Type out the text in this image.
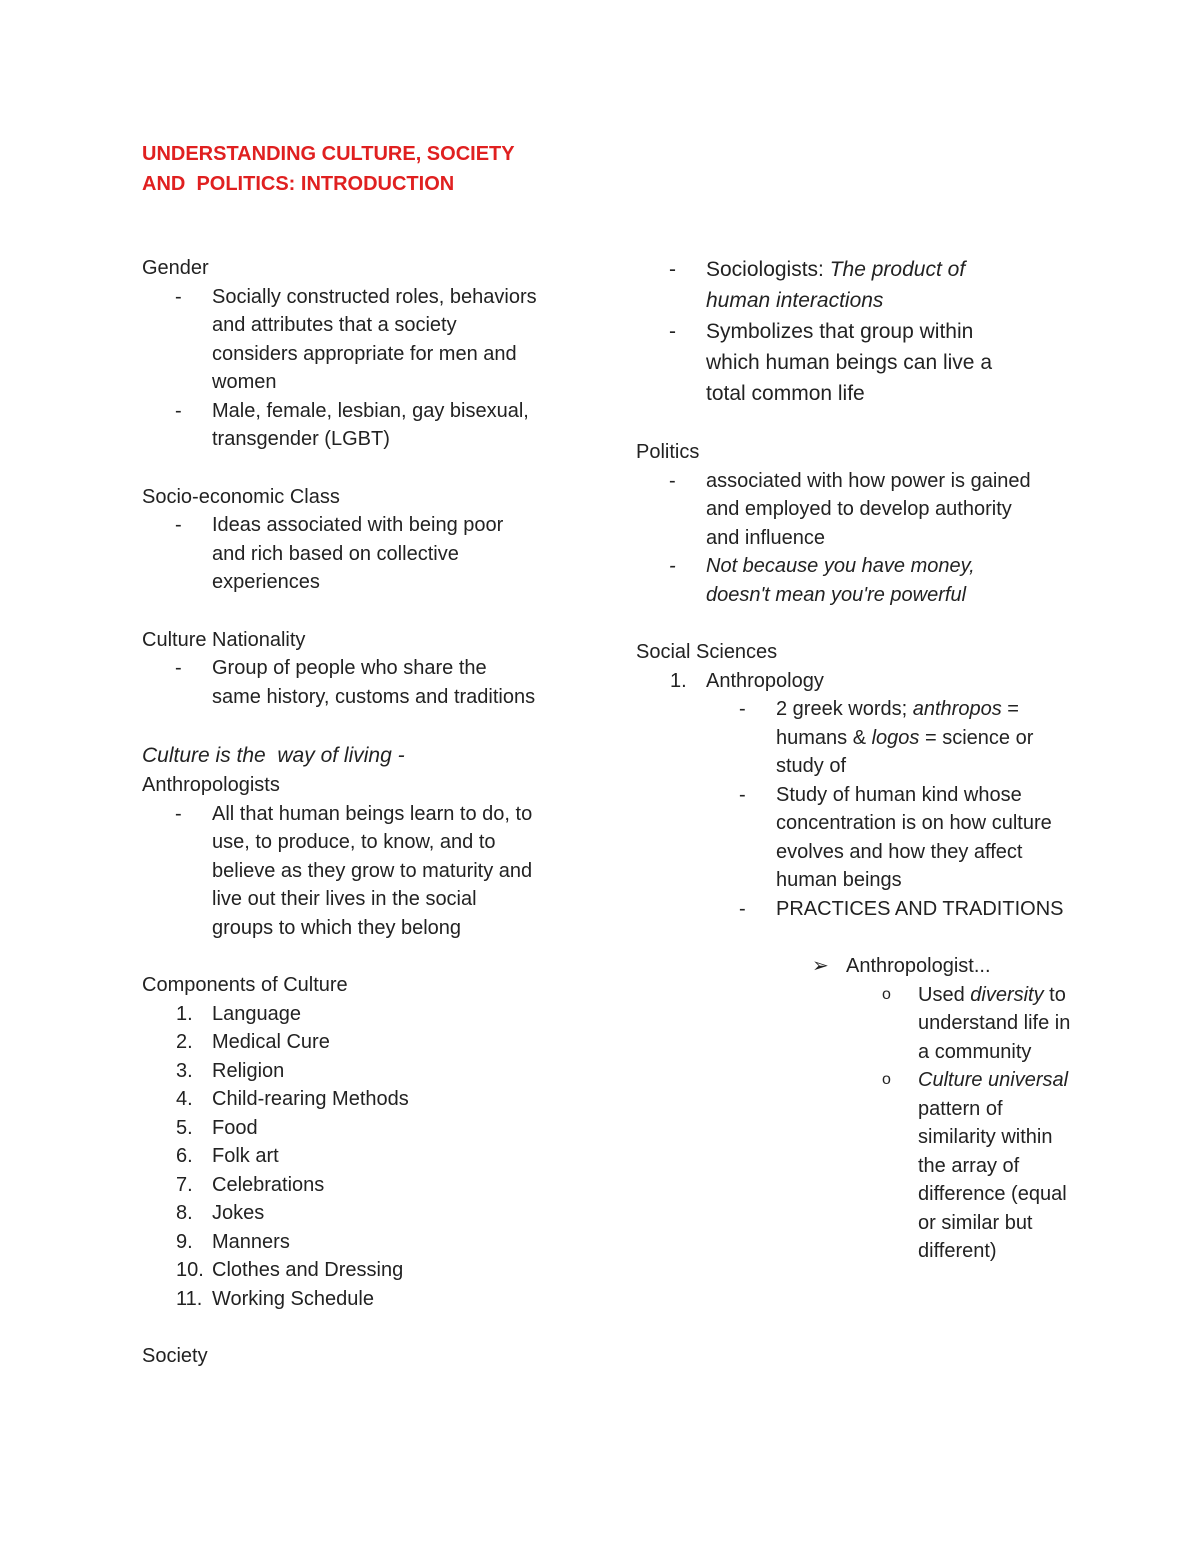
UNDERSTANDING CULTURE, SOCIETY
AND  POLITICS: INTRODUCTION
Gender
- Socially constructed roles, behaviors
and attributes that a society
considers appropriate for men and
women
- Male, female, lesbian, gay bisexual,
transgender (LGBT)
Socio-economic Class
- Ideas associated with being poor
and rich based on collective
experiences
Culture Nationality
- Group of people who share the
same history, customs and traditions
Culture is the  way of living -
Anthropologists
- All that human beings learn to do, to
use, to produce, to know, and to
believe as they grow to maturity and
live out their lives in the social
groups to which they belong
Components of Culture
1. Language
2. Medical Cure
3. Religion
4. Child-rearing Methods
5. Food
6. Folk art
7. Celebrations
8. Jokes
9. Manners
10. Clothes and Dressing
11. Working Schedule
Society
- Sociologists: The product of
human interactions
- Symbolizes that group within
which human beings can live a
total common life
Politics
- associated with how power is gained
and employed to develop authority
and influence
- Not because you have money,
doesn't mean you're powerful
Social Sciences
1. Anthropology
- 2 greek words; anthropos = humans & logos = science or study of
- Study of human kind whose concentration is on how culture evolves and how they affect human beings
- PRACTICES AND TRADITIONS
➢ Anthropologist...
o Used diversity to understand life in a community
o Culture universal pattern of similarity within the array of difference (equal or similar but different)
